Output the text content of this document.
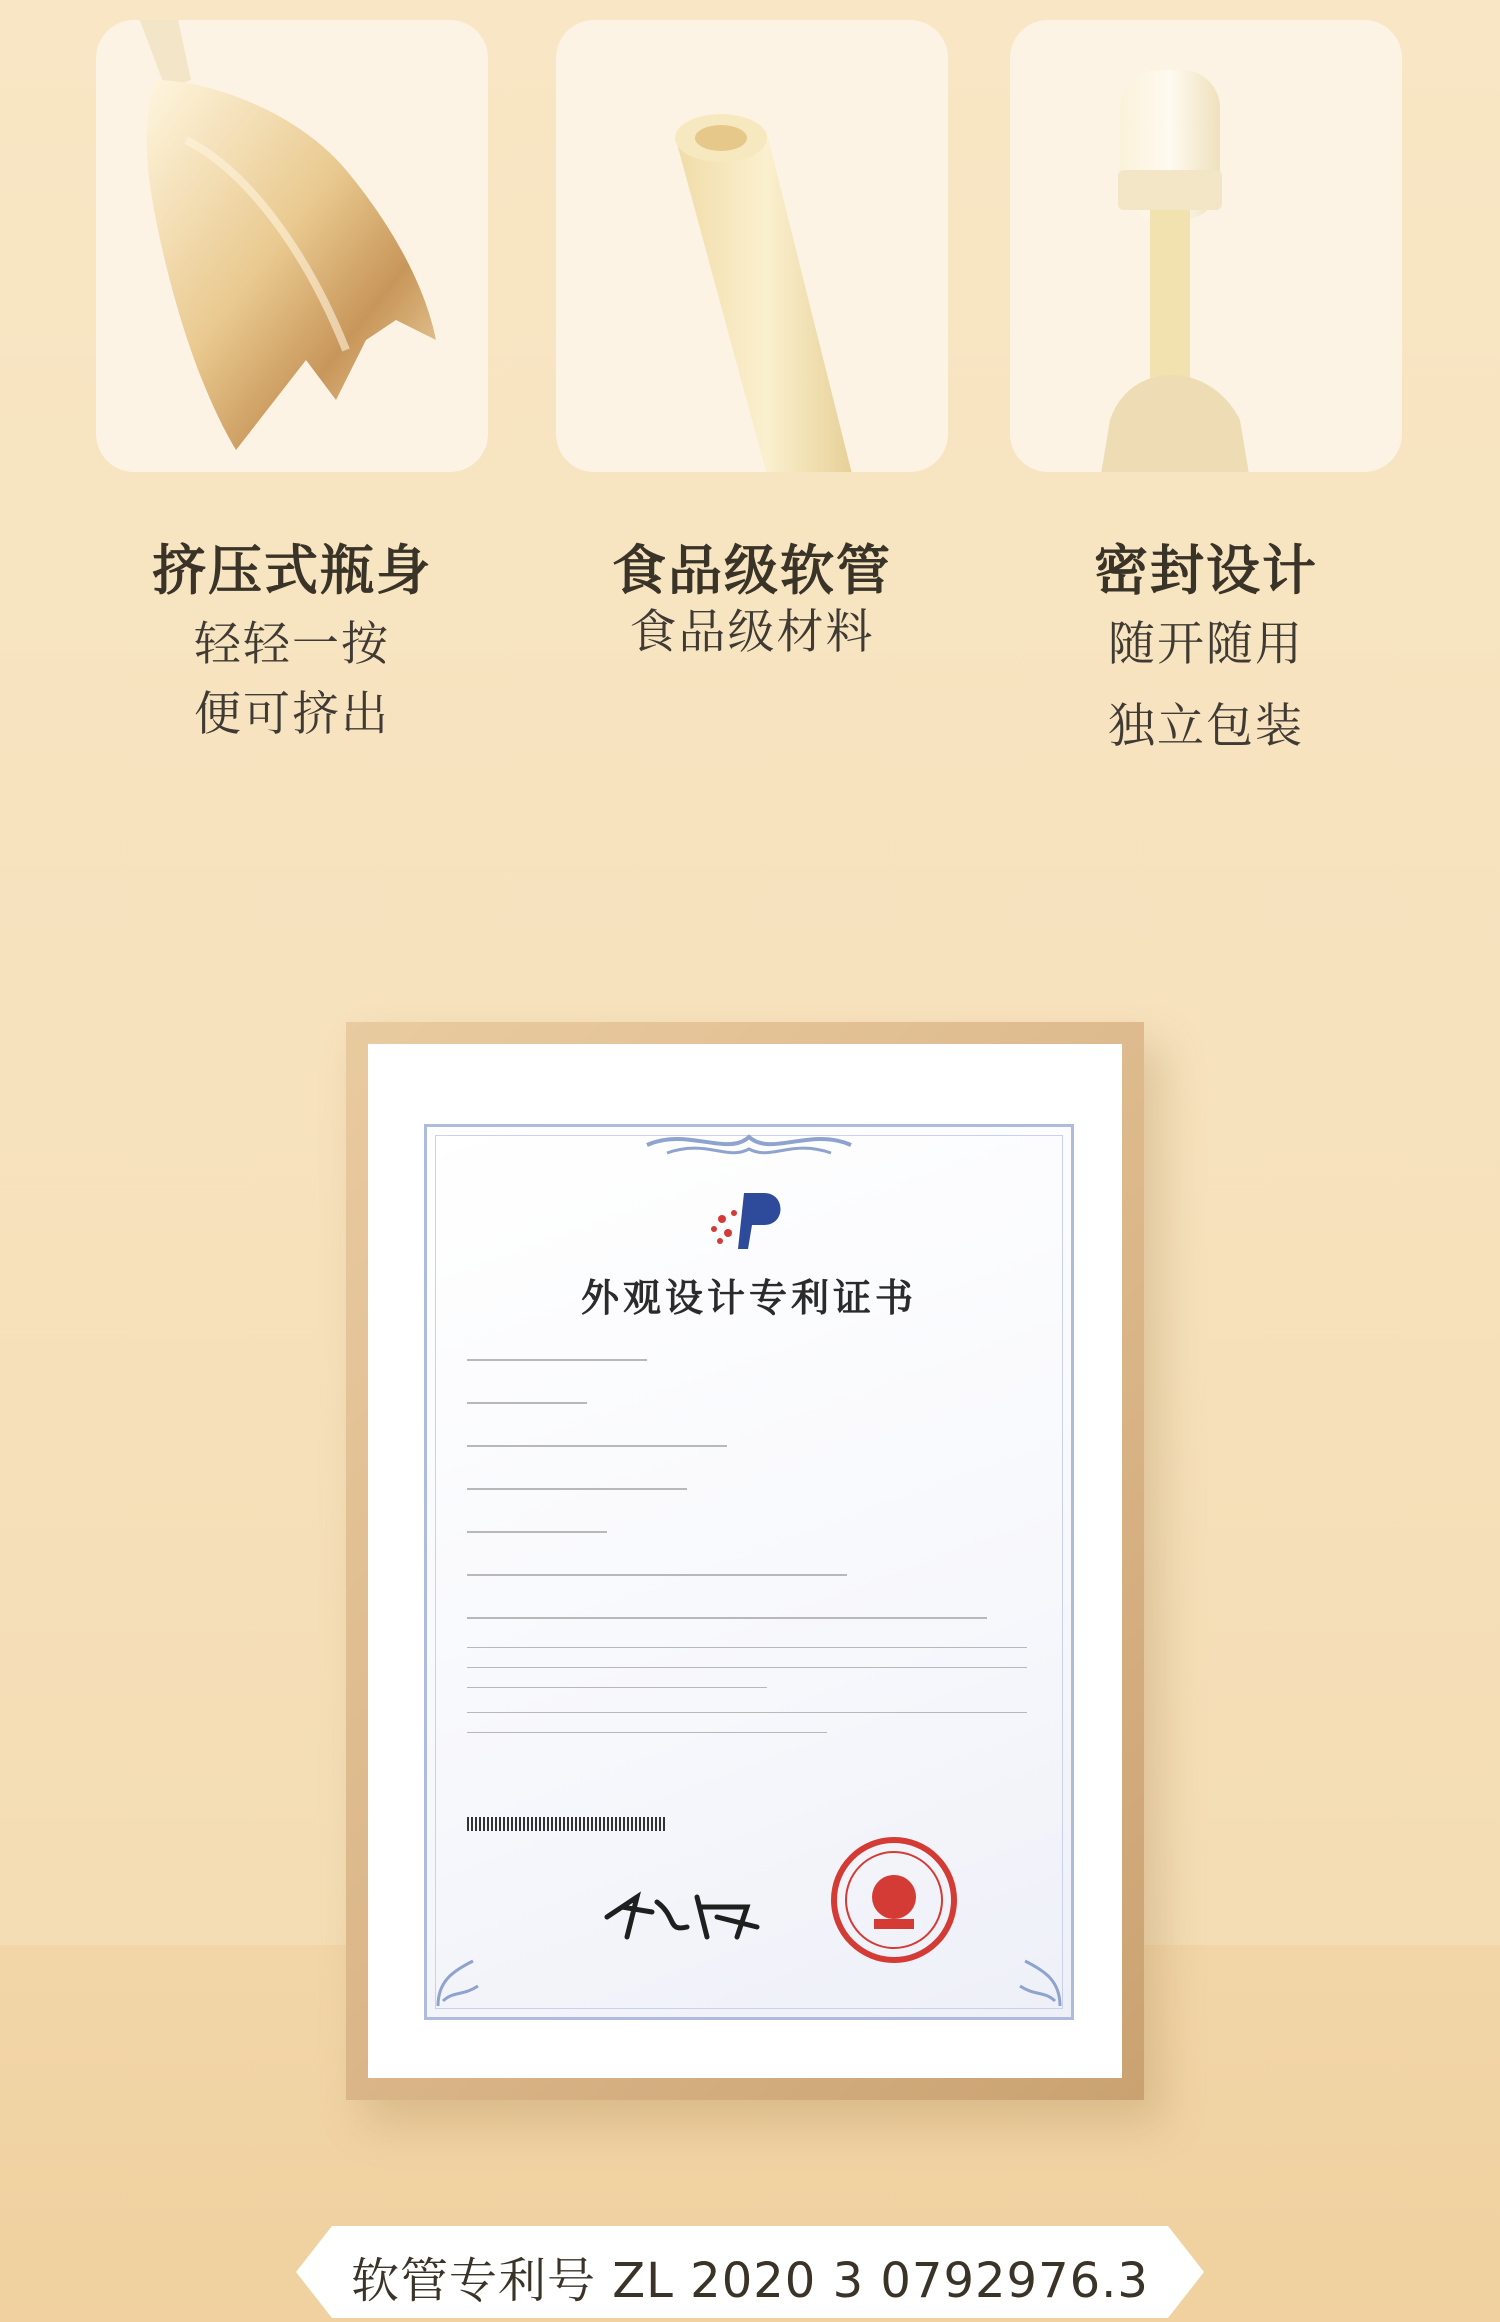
挤压式瓶身	食品级软管	密封设计
轻轻一按
便可挤出
食品级材料	随开随用
独立包装
外观设计专利证书
软管专利号 ZL 2020 3 0792976.3
